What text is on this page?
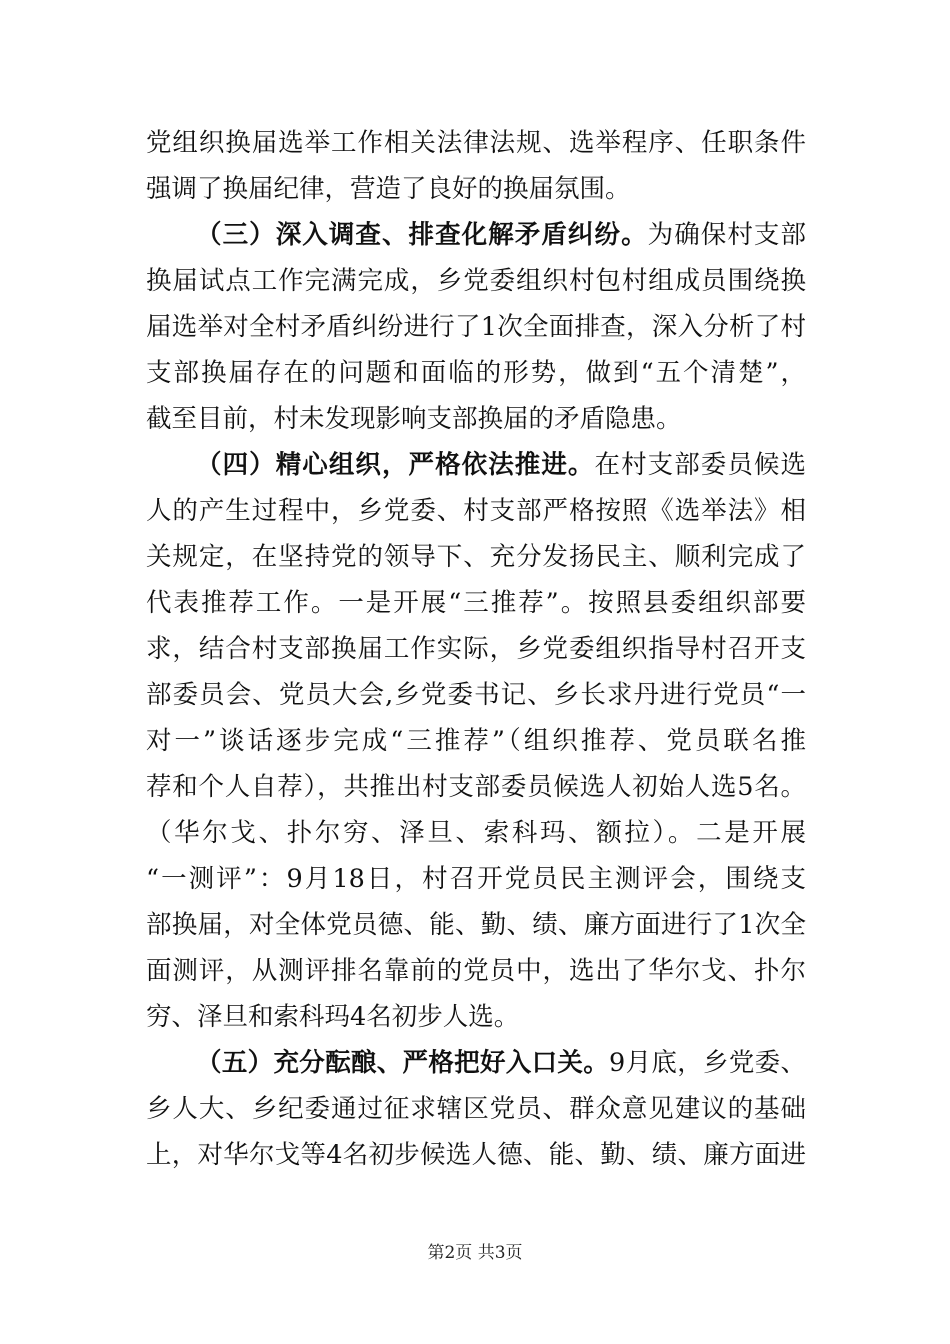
党组织换届选举工作相关法律法规、选举程序、任职条件
强调了换届纪律，营造了良好的换届氛围。
（三）深入调查、排查化解矛盾纠纷。为确保村支部
换届试点工作完满完成，乡党委组织村包村组成员围绕换
届选举对全村矛盾纠纷进行了1次全面排查，深入分析了村
支部换届存在的问题和面临的形势，做到“五个清楚”，
截至目前，村未发现影响支部换届的矛盾隐患。
（四）精心组织，严格依法推进。在村支部委员候选
人的产生过程中，乡党委、村支部严格按照《选举法》相
关规定，在坚持党的领导下、充分发扬民主、顺利完成了
代表推荐工作。一是开展“三推荐”。按照县委组织部要
求，结合村支部换届工作实际，乡党委组织指导村召开支
部委员会、党员大会,乡党委书记、乡长求丹进行党员“一
对一”谈话逐步完成“三推荐”（组织推荐、党员联名推
荐和个人自荐），共推出村支部委员候选人初始人选5名。
（华尔戈、扑尔穷、泽旦、索科玛、额拉）。二是开展
“一测评”：9月18日，村召开党员民主测评会，围绕支
部换届，对全体党员德、能、勤、绩、廉方面进行了1次全
面测评，从测评排名靠前的党员中，选出了华尔戈、扑尔
穷、泽旦和索科玛4名初步人选。
（五）充分酝酿、严格把好入口关。9月底，乡党委、
乡人大、乡纪委通过征求辖区党员、群众意见建议的基础
上，对华尔戈等4名初步候选人德、能、勤、绩、廉方面进
第2页 共3页
